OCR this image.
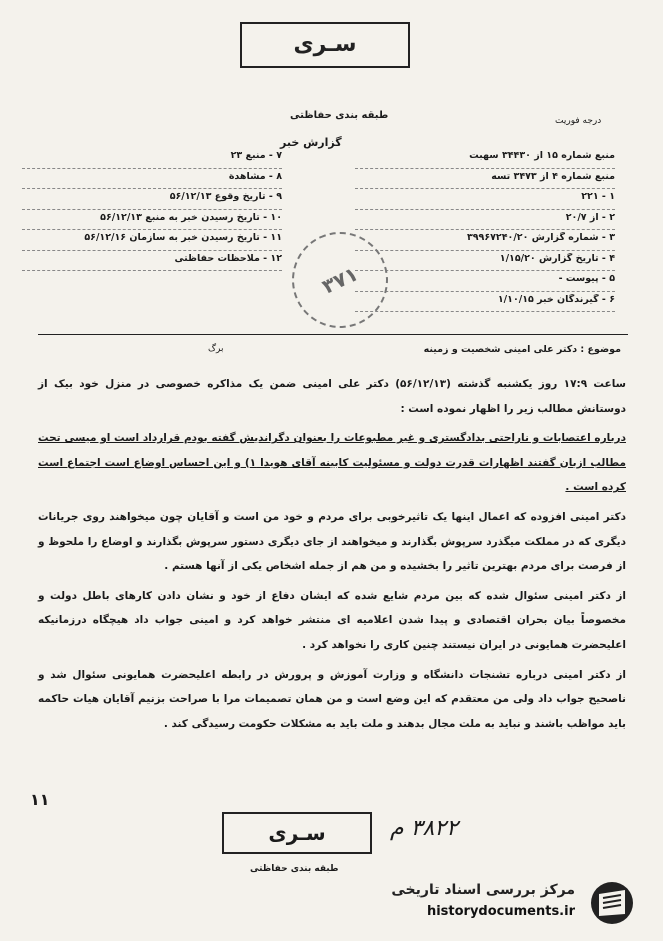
سـری
طبقه بندی حفاظتی	درجه فوریت
گزارش خبر
منبع شماره ۱۵ از ۳۴۴۳۰ سهبت
منبع شماره ۴ از ۳۴۷۳ تسه
۱ - ۲۲۱
۲ - از ۲۰/۷
۳ - شماره گزارش ۳۹۹۶۷۲۴۰/۲۰
۴ - تاریخ گزارش ۱/۱۵/۲۰
۵ - پیوست -
۶ - گیرندگان خبر ۱/۱۰/۱۵
۷ - منبع ۲۳
۸ - مشاهدة
۹ - تاریخ وقوع ۵۶/۱۲/۱۳
۱۰ - تاریخ رسیدن خبر به منبع ۵۶/۱۲/۱۳
۱۱ - تاریخ رسیدن خبر به سازمان ۵۶/۱۲/۱۶
۱۲ - ملاحظات حفاظتی
۳۷۱
موضوع : دکتر علی امینی شخصیت و زمینه
برگ

ساعت ۱۷:۹ روز یکشنبه گذشته (۵۶/۱۲/۱۳) دکتر علی امینی ضمن یک مذاکره خصوصی در منزل خود بیک از دوستانش مطالب زیر را اظهار نموده است :

درباره اعتصابات و ناراحتی بدادگستری و غیر مطبوعات را بعنوان دگراندیش گفته بودم قرارداد است او میسی تحت مطالب ازبان گفتند اظهارات قدرت دولت و مسئولیت کابینه آقای هویدا ۱) و این احساس اوضاع است اجتماع است کرده است .

دکتر امینی افزوده که اعمال اینها یک تاثیرخوبی برای مردم و خود من است و آقایان چون میخواهند روی جریانات دیگری که در مملکت میگذرد سرپوش بگذارند و میخواهند از جای دیگری دستور سرپوش بگذارند و اوضاع را ملحوظ و از فرصت برای مردم بهترین تاثیر را بخشیده و من هم از جمله اشخاص یکی از آنها هستم .

از دکتر امینی سئوال شده که بین مردم شایع شده که ایشان دفاع از خود و نشان دادن کارهای باطل دولت و مخصوصاً بیان بحران اقتصادی و پیدا شدن اعلامیه ای منتشر خواهد کرد و امینی جواب داد هیچگاه درزمانیکه اعلیحضرت همایونی در ایران نیستند چنین کاری را نخواهد کرد .

از دکتر امینی درباره تشنجات دانشگاه و وزارت آموزش و پرورش در رابطه اعلیحضرت همایونی سئوال شد و ناصحیح جواب داد ولی من معتقدم که این وضع است و من همان تصمیمات مرا با صراحت بزنیم آقایان هیات حاکمه باید مواظب باشند و نباید به ملت مجال بدهند و ملت باید به مشکلات حکومت رسیدگی کند .

۱۱
سـری	۳۸۲۲ م
طبقه بندی حفاظتی
مرکز بررسی اسناد تاریخی
historydocuments.ir
